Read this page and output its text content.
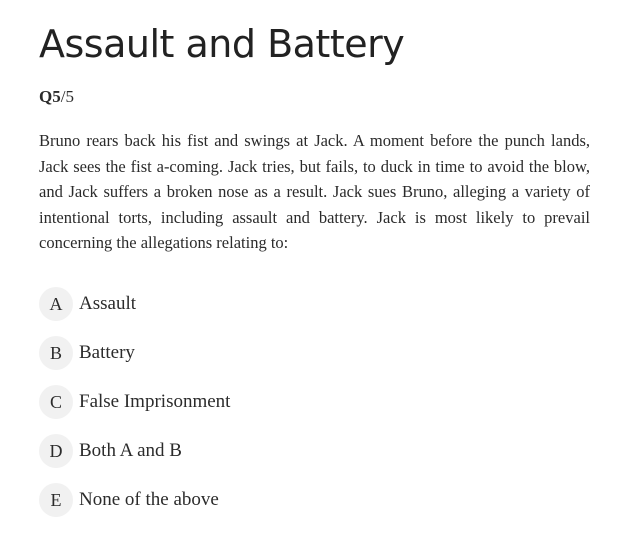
Assault and Battery
Q5/5

Bruno rears back his fist and swings at Jack. A moment before the punch lands, Jack sees the fist a-coming. Jack tries, but fails, to duck in time to avoid the blow, and Jack suffers a broken nose as a result. Jack sues Bruno, alleging a variety of intentional torts, including assault and battery. Jack is most likely to prevail concerning the allegations relating to:

A Assault
B Battery
C False Imprisonment
D Both A and B
E None of the above
